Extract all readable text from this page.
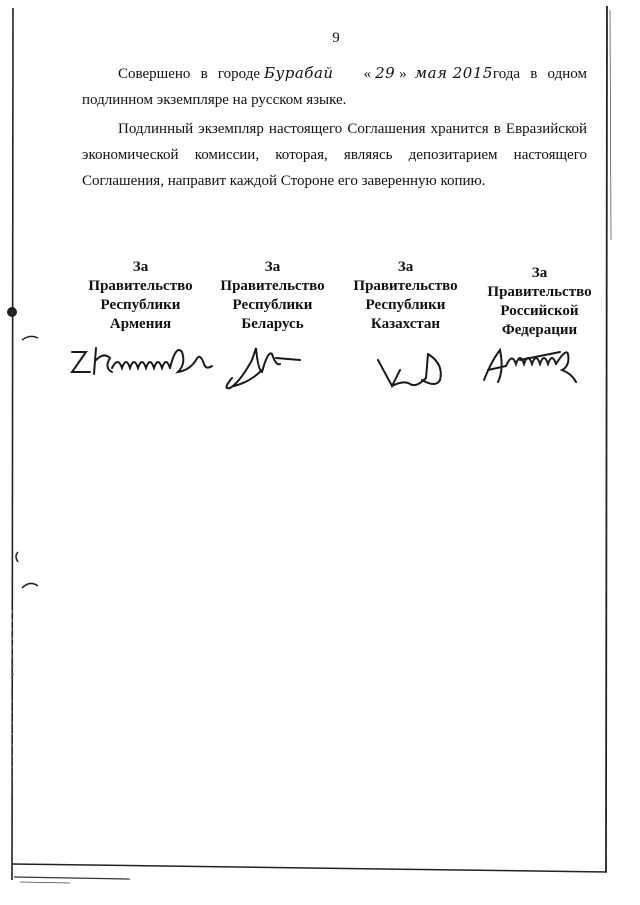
9
Совершено в городе Бурабай « 29 » мая 2015года в одном подлинном экземпляре на русском языке.
Подлинный экземпляр настоящего Соглашения хранится в Евразийской экономической комиссии, которая, являясь депозитарием настоящего Соглашения, направит каждой Стороне его заверенную копию.

За

Правительство

Республики

Армения

За

Правительство

Республики

Беларусь

За

Правительство

Республики

Казахстан

За

Правительство

Российской

Федерации
